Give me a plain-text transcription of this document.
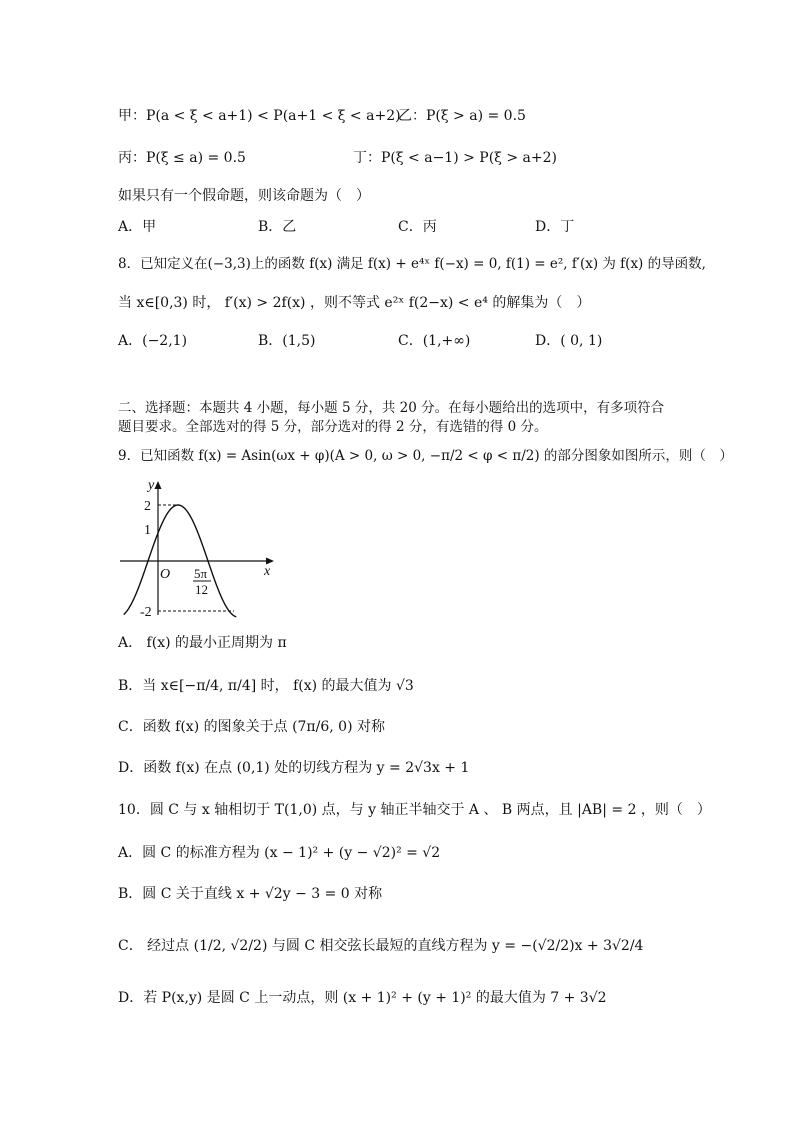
甲：P(a < ξ < a+1) < P(a+1 < ξ < a+2)
乙：P(ξ > a) = 0.5
丙：P(ξ ≤ a) = 0.5	丁：P(ξ < a−1) > P(ξ > a+2)
如果只有一个假命题，则该命题为（　）
A．甲	B．乙	C．丙	D．丁
8．已知定义在(−3,3)上的函数 f(x) 满足 f(x) + e⁴ˣ f(−x) = 0, f(1) = e², f′(x) 为 f(x) 的导函数,
当 x∈[0,3) 时， f′(x) > 2f(x) ，则不等式 e²ˣ f(2−x) < e⁴ 的解集为（　）
A．(−2,1)	B．(1,5)	C．(1,+∞)	D．( 0, 1)
二、选择题：本题共 4 小题，每小题 5 分，共 20 分。在每小题给出的选项中，有多项符合
题目要求。全部选对的得 5 分，部分选对的得 2 分，有选错的得 0 分。
9．已知函数 f(x) = Asin(ωx + φ)(A > 0, ω > 0, −π/2 < φ < π/2) 的部分图象如图所示，则（　）
y
x
O
2
1
-2
5π
12
A． f(x) 的最小正周期为 π
B．当 x∈[−π/4, π/4] 时， f(x) 的最大值为 √3
C．函数 f(x) 的图象关于点 (7π/6, 0) 对称
D．函数 f(x) 在点 (0,1) 处的切线方程为 y = 2√3x + 1
10．圆 C 与 x 轴相切于 T(1,0) 点，与 y 轴正半轴交于 A 、 B 两点，且 |AB| = 2 ，则（　）
A．圆 C 的标准方程为 (x − 1)² + (y − √2)² = √2
B．圆 C 关于直线 x + √2y − 3 = 0 对称
C． 经过点 (1/2, √2/2) 与圆 C 相交弦长最短的直线方程为 y = −(√2/2)x + 3√2/4
D．若 P(x,y) 是圆 C 上一动点，则 (x + 1)² + (y + 1)² 的最大值为 7 + 3√2
